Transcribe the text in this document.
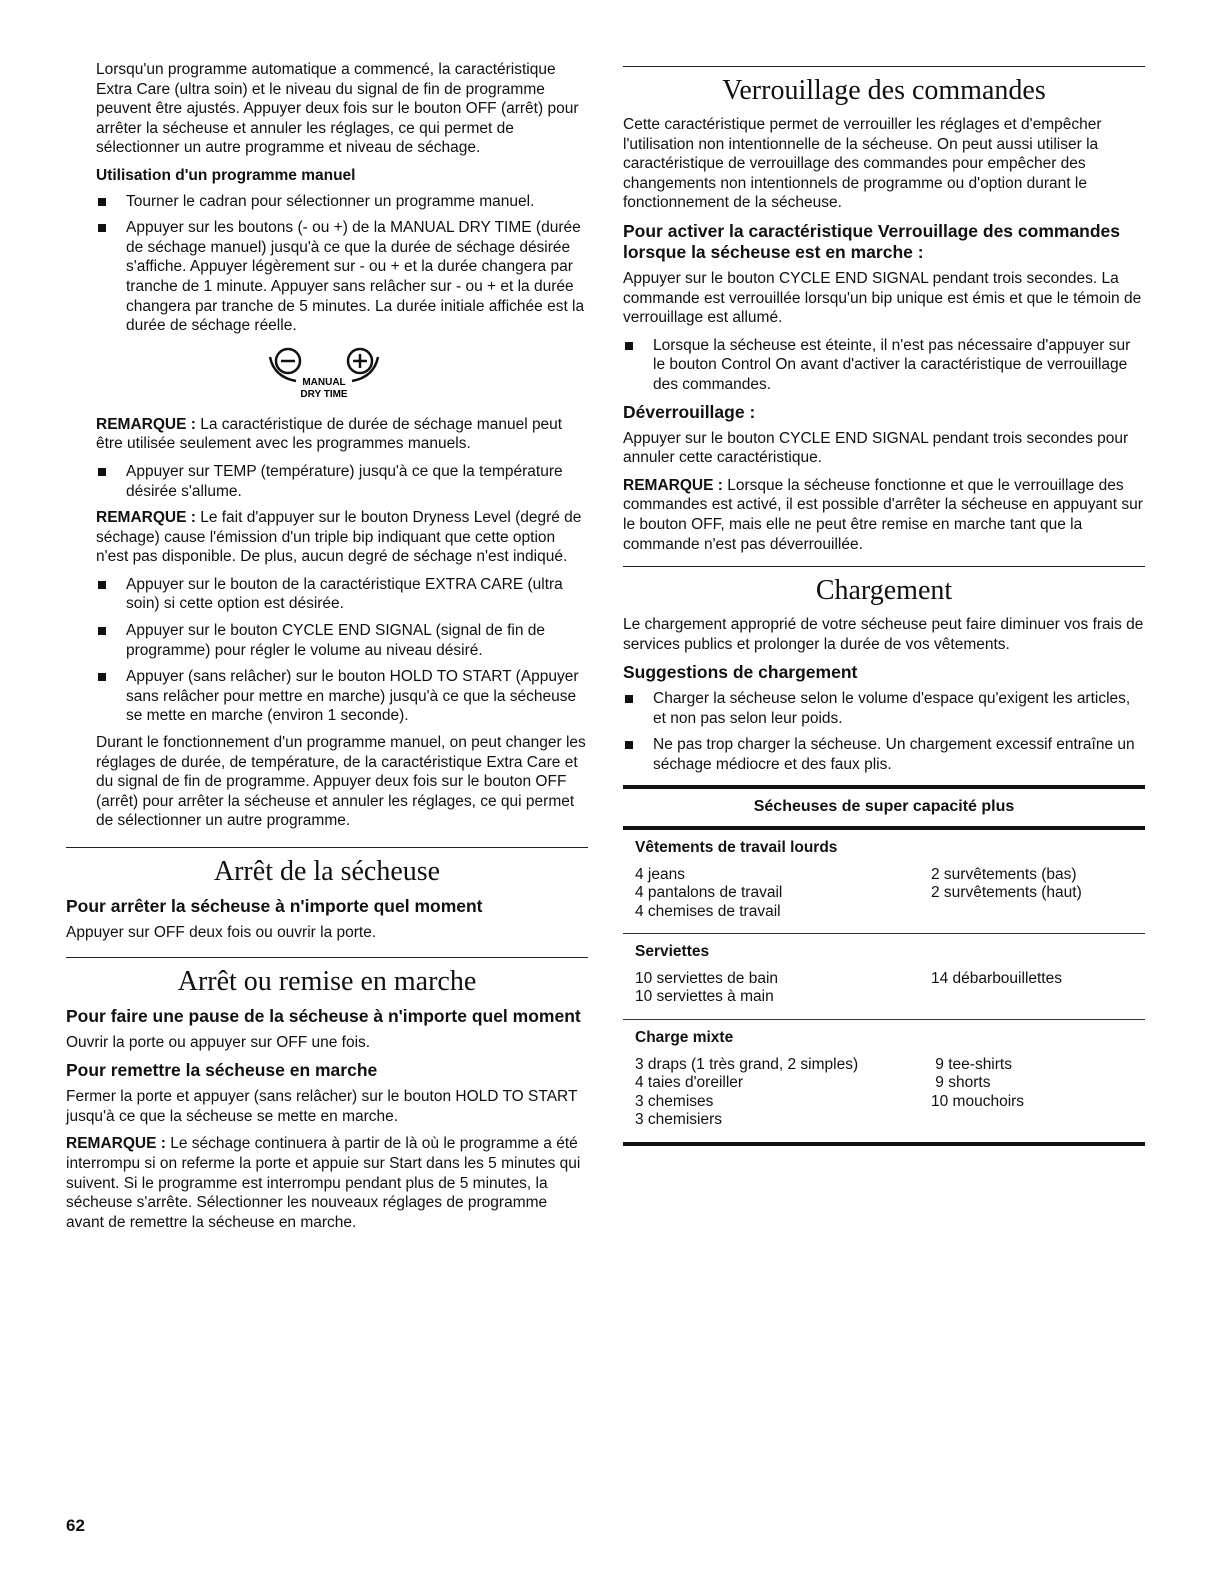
Lorsqu'un programme automatique a commencé, la caractéristique Extra Care (ultra soin) et le niveau du signal de fin de programme peuvent être ajustés. Appuyer deux fois sur le bouton OFF (arrêt) pour arrêter la sécheuse et annuler les réglages, ce qui permet de sélectionner un autre programme et niveau de séchage.

Utilisation d'un programme manuel
Tourner le cadran pour sélectionner un programme manuel.
Appuyer sur les boutons (- ou +) de la MANUAL DRY TIME (durée de séchage manuel) jusqu'à ce que la durée de séchage désirée s'affiche. Appuyer légèrement sur - ou + et la durée changera par tranche de 1 minute. Appuyer sans relâcher sur - ou + et la durée changera par tranche de 5 minutes. La durée initiale affichée est la durée de séchage réelle.
MANUAL
DRY TIME

REMARQUE : La caractéristique de durée de séchage manuel peut être utilisée seulement avec les programmes manuels.

Appuyer sur TEMP (température) jusqu'à ce que la température désirée s'allume.

REMARQUE : Le fait d'appuyer sur le bouton Dryness Level (degré de séchage) cause l'émission d'un triple bip indiquant que cette option n'est pas disponible. De plus, aucun degré de séchage n'est indiqué.

Appuyer sur le bouton de la caractéristique EXTRA CARE (ultra soin) si cette option est désirée.
Appuyer sur le bouton CYCLE END SIGNAL (signal de fin de programme) pour régler le volume au niveau désiré.
Appuyer (sans relâcher) sur le bouton HOLD TO START (Appuyer sans relâcher pour mettre en marche) jusqu'à ce que la sécheuse se mette en marche (environ 1 seconde).

Durant le fonctionnement d'un programme manuel, on peut changer les réglages de durée, de température, de la caractéristique Extra Care et du signal de fin de programme. Appuyer deux fois sur le bouton OFF (arrêt) pour arrêter la sécheuse et annuler les réglages, ce qui permet de sélectionner un autre programme.

Arrêt de la sécheuse
Pour arrêter la sécheuse à n'importe quel moment

Appuyer sur OFF deux fois ou ouvrir la porte.

Arrêt ou remise en marche
Pour faire une pause de la sécheuse à n'importe quel moment

Ouvrir la porte ou appuyer sur OFF une fois.

Pour remettre la sécheuse en marche

Fermer la porte et appuyer (sans relâcher) sur le bouton HOLD TO START jusqu'à ce que la sécheuse se mette en marche.

REMARQUE : Le séchage continuera à partir de là où le programme a été interrompu si on referme la porte et appuie sur Start dans les 5 minutes qui suivent. Si le programme est interrompu pendant plus de 5 minutes, la sécheuse s'arrête. Sélectionner les nouveaux réglages de programme avant de remettre la sécheuse en marche.

Verrouillage des commandes

Cette caractéristique permet de verrouiller les réglages et d'empêcher l'utilisation non intentionnelle de la sécheuse. On peut aussi utiliser la caractéristique de verrouillage des commandes pour empêcher des changements non intentionnels de programme ou d'option durant le fonctionnement de la sécheuse.

Pour activer la caractéristique Verrouillage des commandes lorsque la sécheuse est en marche :

Appuyer sur le bouton CYCLE END SIGNAL pendant trois secondes. La commande est verrouillée lorsqu'un bip unique est émis et que le témoin de verrouillage est allumé.

Lorsque la sécheuse est éteinte, il n'est pas nécessaire d'appuyer sur le bouton Control On avant d'activer la caractéristique de verrouillage des commandes.
Déverrouillage :

Appuyer sur le bouton CYCLE END SIGNAL pendant trois secondes pour annuler cette caractéristique.

REMARQUE : Lorsque la sécheuse fonctionne et que le verrouillage des commandes est activé, il est possible d'arrêter la sécheuse en appuyant sur le bouton OFF, mais elle ne peut être remise en marche tant que la commande n'est pas déverrouillée.

Chargement

Le chargement approprié de votre sécheuse peut faire diminuer vos frais de services publics et prolonger la durée de vos vêtements.

Suggestions de chargement
Charger la sécheuse selon le volume d'espace qu'exigent les articles, et non pas selon leur poids.
Ne pas trop charger la sécheuse. Un chargement excessif entraîne un séchage médiocre et des faux plis.
Sécheuses de super capacité plus
Vêtements de travail lourds
4 jeans
4 pantalons de travail
4 chemises de travail
2 survêtements (bas)
2 survêtements (haut)
Serviettes
10 serviettes de bain
10 serviettes à main
14 débarbouillettes
Charge mixte
3 draps (1 très grand, 2 simples)
4 taies d'oreiller
3 chemises
3 chemisiers
9 tee-shirts
9 shorts
10 mouchoirs
62
